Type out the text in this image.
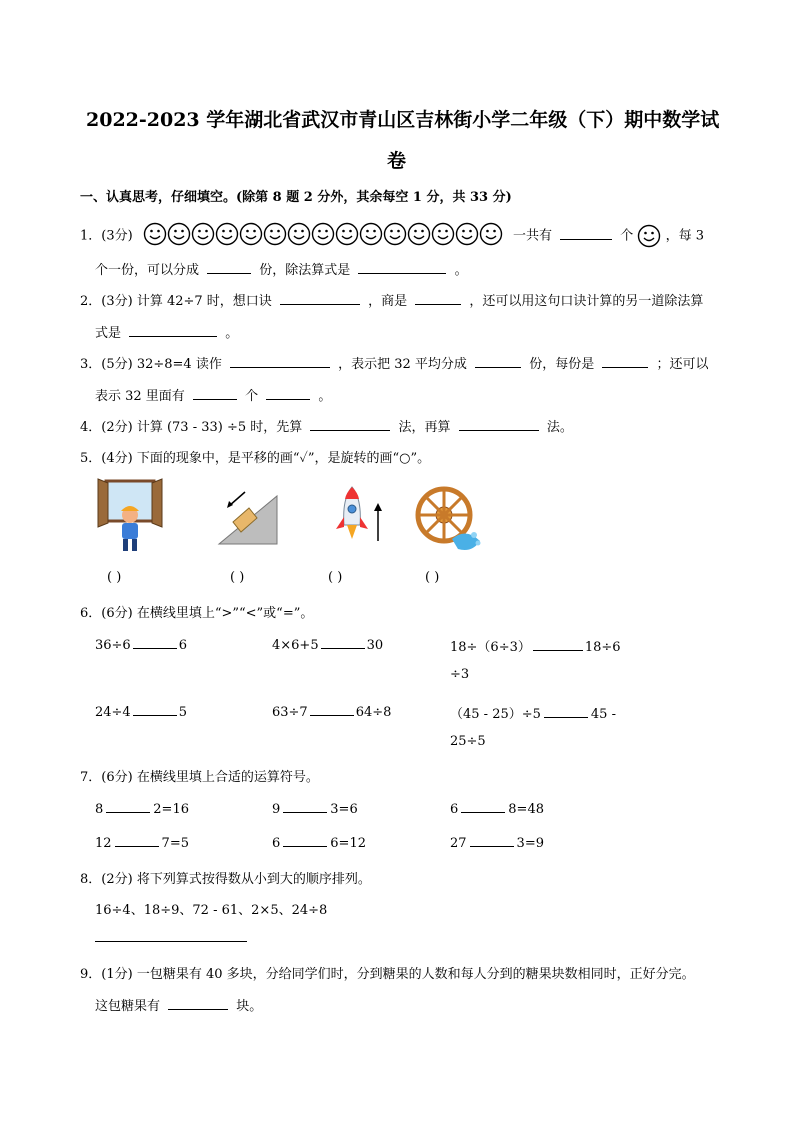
2022-2023 学年湖北省武汉市青山区吉林街小学二年级（下）期中数学试
卷
一、认真思考，仔细填空。(除第 8 题 2 分外，其余每空 1 分，共 33 分)
1．(3分)	一共有	个 ，每 3
个一份，可以分成	份，除法算式是	。
2．(3分) 计算 42÷7 时，想口诀	，商是	，还可以用这句口诀计算的另一道除法算
式是	。
3．(5分) 32÷8=4 读作	，表示把 32 平均分成	份，每份是	；还可以
表示 32 里面有	个	。
4．(2分) 计算 (73 - 33) ÷5 时，先算	法，再算	法。
5．(4分) 下面的现象中，是平移的画“✓”，是旋转的画“○”。
( )	( )	( )	( )
6．(6分) 在横线里填上“>”“<”或“=”。
36÷6	6	4×6+5	30	18÷（6÷3）	18÷6
÷3
24÷4	5	63÷7	64÷8	（45 - 25）÷5	45 -
25÷5
7．(6分) 在横线里填上合适的运算符号。
8	2=16	9	3=6	6	8=48
12	7=5	6	6=12	27	3=9
8．(2分) 将下列算式按得数从小到大的顺序排列。
16÷4、18÷9、72 - 61、2×5、24÷8
9．(1分) 一包糖果有 40 多块，分给同学们时，分到糖果的人数和每人分到的糖果块数相同时，正好分完。
这包糖果有	块。
